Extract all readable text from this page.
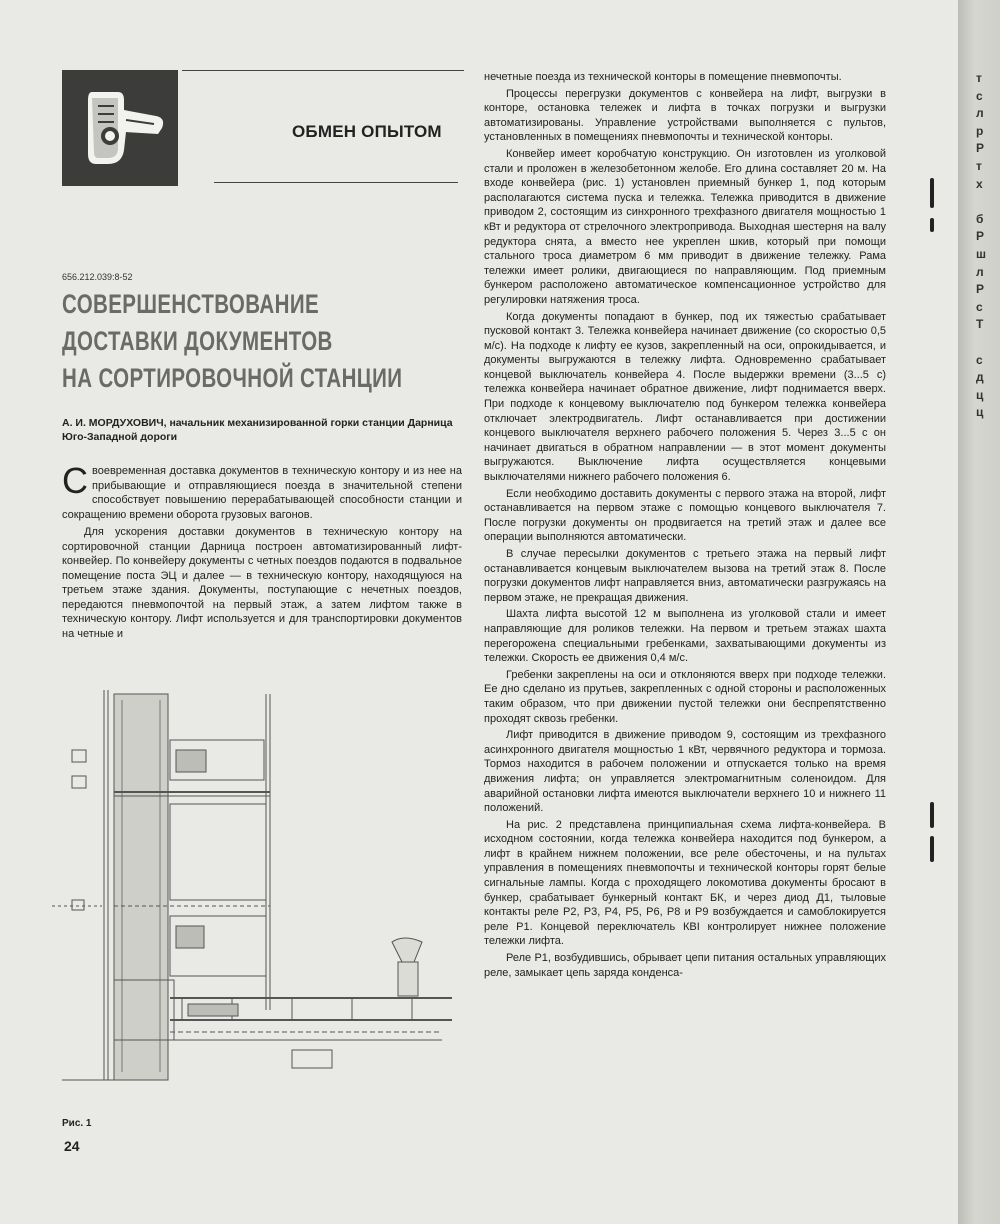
т
с
л
р
Р
т
х
б
Р
ш
л
Р
с
Т
с
д
ц
ц
ОБМЕН ОПЫТОМ
656.212.039:8-52
СОВЕРШЕНСТВОВАНИЕ
ДОСТАВКИ ДОКУМЕНТОВ
НА СОРТИРОВОЧНОЙ СТАНЦИИ
А. И. МОРДУХОВИЧ, начальник механизированной горки станции Дарница Юго-Западной дороги

Своевременная доставка документов в техническую контору и из нее на прибывающие и отправляющиеся поезда в значительной степени способствует повышению перерабатывающей способности станции и сокращению времени оборота грузовых вагонов.

Для ускорения доставки документов в техническую контору на сортировочной станции Дарница построен автоматизированный лифт-конвейер. По конвейеру документы с четных поездов подаются в подвальное помещение поста ЭЦ и далее — в техническую контору, находящуюся на третьем этаже здания. Документы, поступающие с нечетных поездов, передаются пневмопочтой на первый этаж, а затем лифтом также в техническую контору. Лифт используется и для транспортировки документов на четные и

Рис. 1
24

нечетные поезда из технической конторы в помещение пневмопочты.

Процессы перегрузки документов с конвейера на лифт, выгрузки в конторе, остановка тележек и лифта в точках погрузки и выгрузки автоматизированы. Управление устройствами выполняется с пультов, установленных в помещениях пневмопочты и технической конторы.

Конвейер имеет коробчатую конструкцию. Он изготовлен из уголковой стали и проложен в железобетонном желобе. Его длина составляет 20 м. На входе конвейера (рис. 1) установлен приемный бункер 1, под которым располагаются система пуска и тележка. Тележка приводится в движение приводом 2, состоящим из синхронного трехфазного двигателя мощностью 1 кВт и редуктора от стрелочного электропривода. Выходная шестерня на валу редуктора снята, а вместо нее укреплен шкив, который при помощи стального троса диаметром 6 мм приводит в движение тележку. Рама тележки имеет ролики, двигающиеся по направляющим. Под приемным бункером расположено автоматическое компенсационное устройство для регулировки натяжения троса.

Когда документы попадают в бункер, под их тяжестью срабатывает пусковой контакт 3. Тележка конвейера начинает движение (со скоростью 0,5 м/с). На подходе к лифту ее кузов, закрепленный на оси, опрокидывается, и документы выгружаются в тележку лифта. Одновременно срабатывает концевой выключатель конвейера 4. После выдержки времени (3...5 с) тележка конвейера начинает обратное движение, лифт поднимается вверх. При подходе к концевому выключателю под бункером тележка конвейера отключает электродвигатель. Лифт останавливается при достижении концевого выключателя верхнего рабочего положения 5. Через 3...5 с он начинает двигаться в обратном направлении — в этот момент документы выгружаются. Выключение лифта осуществляется концевыми выключателями нижнего рабочего положения 6.

Если необходимо доставить документы с первого этажа на второй, лифт останавливается на первом этаже с помощью концевого выключателя 7. После погрузки документы он продвигается на третий этаж и далее все операции выполняются автоматически.

В случае пересылки документов с третьего этажа на первый лифт останавливается концевым выключателем вызова на третий этаж 8. После погрузки документов лифт направляется вниз, автоматически разгружаясь на первом этаже, не прекращая движения.

Шахта лифта высотой 12 м выполнена из уголковой стали и имеет направляющие для роликов тележки. На первом и третьем этажах шахта перегорожена специальными гребенками, захватывающими документы из тележки. Скорость ее движения 0,4 м/с.

Гребенки закреплены на оси и отклоняются вверх при подходе тележки. Ее дно сделано из прутьев, закрепленных с одной стороны и расположенных таким образом, что при движении пустой тележки они беспрепятственно проходят сквозь гребенки.

Лифт приводится в движение приводом 9, состоящим из трехфазного асинхронного двигателя мощностью 1 кВт, червячного редуктора и тормоза. Тормоз находится в рабочем положении и отпускается только на время движения лифта; он управляется электромагнитным соленоидом. Для аварийной остановки лифта имеются выключатели верхнего 10 и нижнего 11 положений.

На рис. 2 представлена принципиальная схема лифта-конвейера. В исходном состоянии, когда тележка конвейера находится под бункером, а лифт в крайнем нижнем положении, все реле обесточены, и на пультах управления в помещениях пневмопочты и технической конторы горят белые сигнальные лампы. Когда с проходящего локомотива документы бросают в бункер, срабатывает бункерный контакт БК, и через диод Д1, тыловые контакты реле Р2, Р3, Р4, Р5, Р6, Р8 и Р9 возбуждается и самоблокируется реле Р1. Концевой переключатель КВІ контролирует нижнее положение тележки лифта.

Реле Р1, возбудившись, обрывает цепи питания остальных управляющих реле, замыкает цепь заряда конденса-
